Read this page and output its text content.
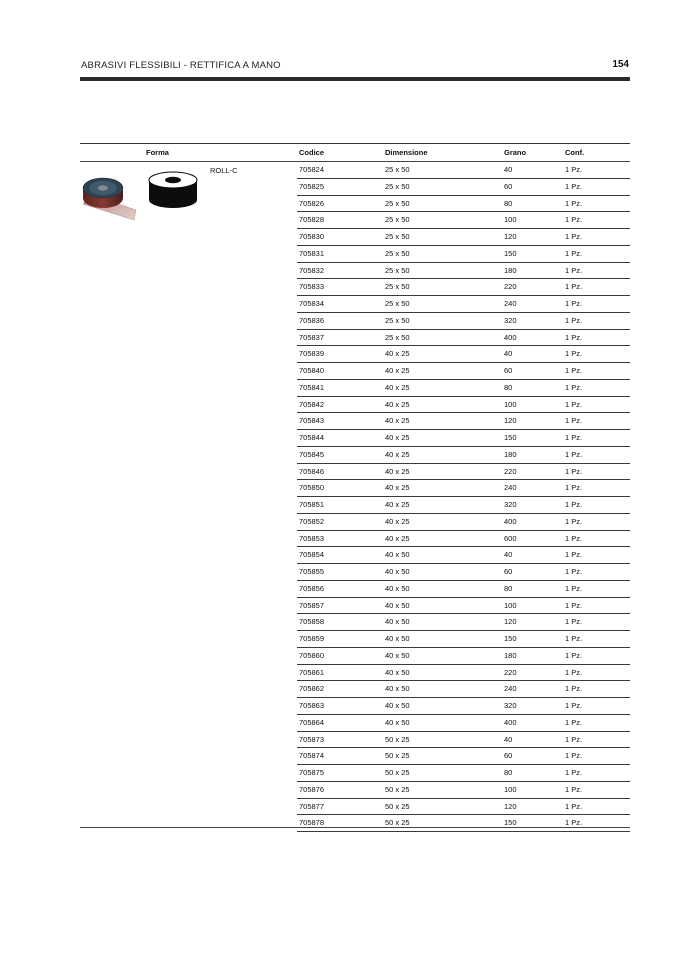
ABRASIVI FLESSIBILI - RETTIFICA A MANO	154
Forma	Codice	Dimensione	Grano	Conf.
ROLL-C	705824	25 x 50	40	1 Pz.
705825	25 x 50	60	1 Pz.
705826	25 x 50	80	1 Pz.
705828	25 x 50	100	1 Pz.
705830	25 x 50	120	1 Pz.
705831	25 x 50	150	1 Pz.
705832	25 x 50	180	1 Pz.
705833	25 x 50	220	1 Pz.
705834	25 x 50	240	1 Pz.
705836	25 x 50	320	1 Pz.
705837	25 x 50	400	1 Pz.
705839	40 x 25	40	1 Pz.
705840	40 x 25	60	1 Pz.
705841	40 x 25	80	1 Pz.
705842	40 x 25	100	1 Pz.
705843	40 x 25	120	1 Pz.
705844	40 x 25	150	1 Pz.
705845	40 x 25	180	1 Pz.
705846	40 x 25	220	1 Pz.
705850	40 x 25	240	1 Pz.
705851	40 x 25	320	1 Pz.
705852	40 x 25	400	1 Pz.
705853	40 x 25	600	1 Pz.
705854	40 x 50	40	1 Pz.
705855	40 x 50	60	1 Pz.
705856	40 x 50	80	1 Pz.
705857	40 x 50	100	1 Pz.
705858	40 x 50	120	1 Pz.
705859	40 x 50	150	1 Pz.
705860	40 x 50	180	1 Pz.
705861	40 x 50	220	1 Pz.
705862	40 x 50	240	1 Pz.
705863	40 x 50	320	1 Pz.
705864	40 x 50	400	1 Pz.
705873	50 x 25	40	1 Pz.
705874	50 x 25	60	1 Pz.
705875	50 x 25	80	1 Pz.
705876	50 x 25	100	1 Pz.
705877	50 x 25	120	1 Pz.
705878	50 x 25	150	1 Pz.
